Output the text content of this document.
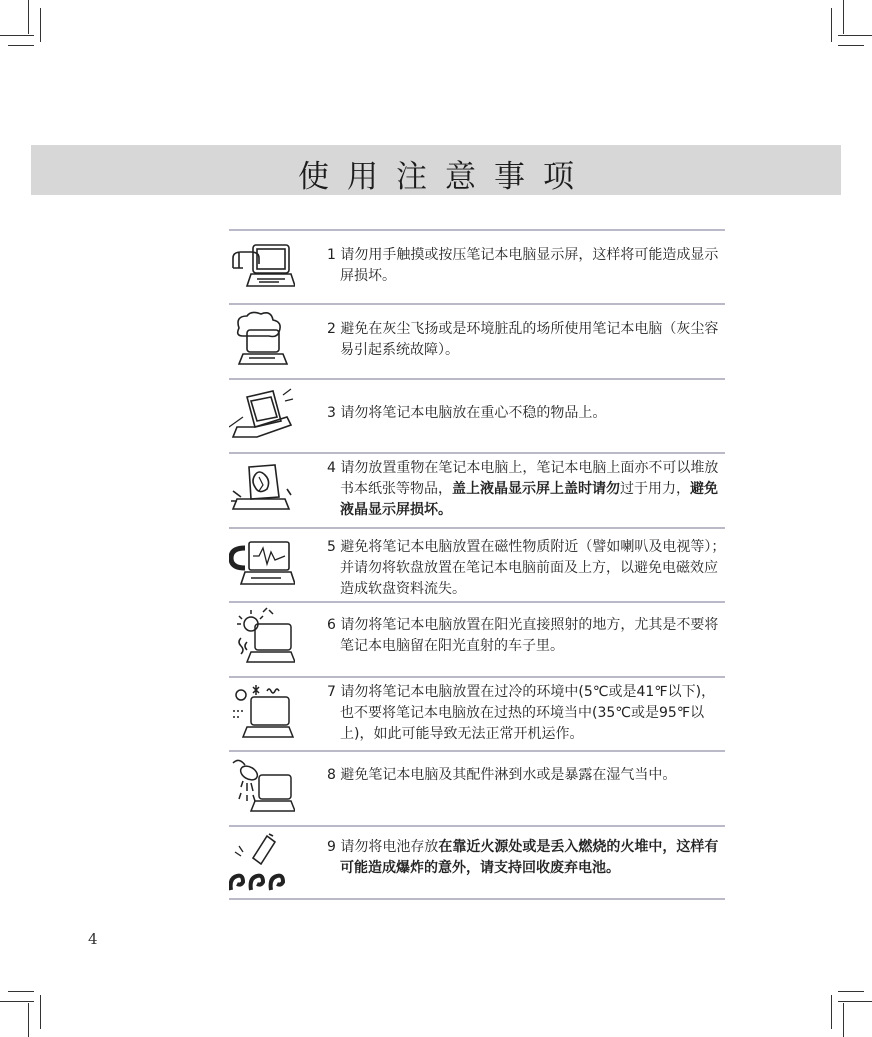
使用注意事项
1 请勿用手触摸或按压笔记本电脑显示屏，这样将可能造成显示屏损坏。
2 避免在灰尘飞扬或是环境脏乱的场所使用笔记本电脑（灰尘容易引起系统故障）。
3 请勿将笔记本电脑放在重心不稳的物品上。
4 请勿放置重物在笔记本电脑上，笔记本电脑上面亦不可以堆放书本纸张等物品，盖上液晶显示屏上盖时请勿过于用力，避免液晶显示屏损坏。
5 避免将笔记本电脑放置在磁性物质附近（譬如喇叭及电视等）；并请勿将软盘放置在笔记本电脑前面及上方，以避免电磁效应造成软盘资料流失。
6 请勿将笔记本电脑放置在阳光直接照射的地方，尤其是不要将笔记本电脑留在阳光直射的车子里。
7 请勿将笔记本电脑放置在过冷的环境中(5℃或是41℉以下)，也不要将笔记本电脑放在过热的环境当中(35℃或是95℉以上)，如此可能导致无法正常开机运作。
8 避免笔记本电脑及其配件淋到水或是暴露在湿气当中。
9 请勿将电池存放在靠近火源处或是丢入燃烧的火堆中，这样有可能造成爆炸的意外，请支持回收废弃电池。
4
